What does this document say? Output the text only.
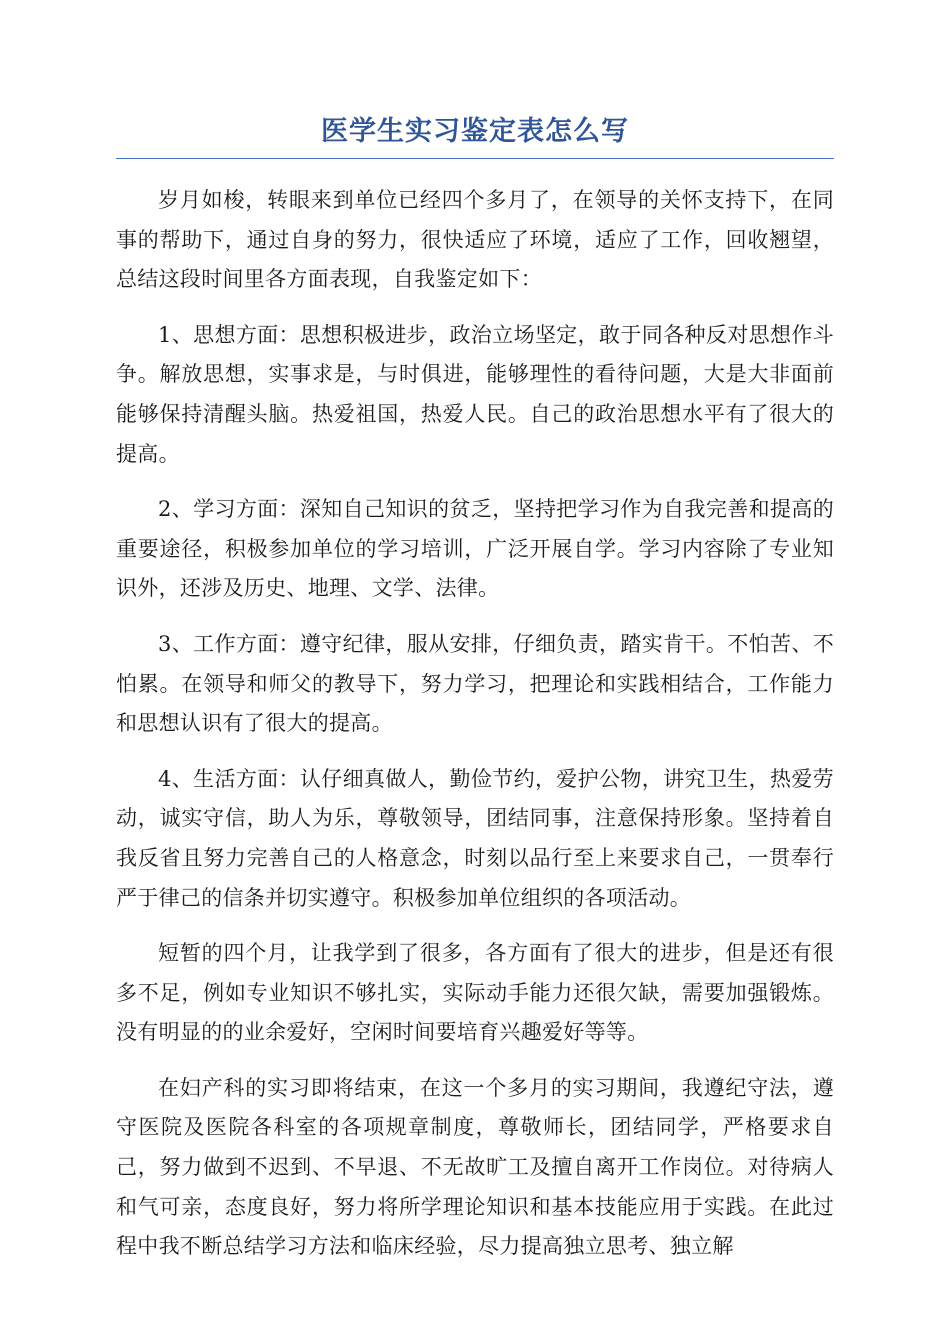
医学生实习鉴定表怎么写

岁月如梭，转眼来到单位已经四个多月了，在领导的关怀支持下，在同事的帮助下，通过自身的努力，很快适应了环境，适应了工作，回收翘望，总结这段时间里各方面表现，自我鉴定如下：

1、思想方面：思想积极进步，政治立场坚定，敢于同各种反对思想作斗争。解放思想，实事求是，与时俱进，能够理性的看待问题，大是大非面前能够保持清醒头脑。热爱祖国，热爱人民。自己的政治思想水平有了很大的提高。

2、学习方面：深知自己知识的贫乏，坚持把学习作为自我完善和提高的重要途径，积极参加单位的学习培训，广泛开展自学。学习内容除了专业知识外，还涉及历史、地理、文学、法律。

3、工作方面：遵守纪律，服从安排，仔细负责，踏实肯干。不怕苦、不怕累。在领导和师父的教导下，努力学习，把理论和实践相结合，工作能力和思想认识有了很大的提高。

4、生活方面：认仔细真做人，勤俭节约，爱护公物，讲究卫生，热爱劳动，诚实守信，助人为乐，尊敬领导，团结同事，注意保持形象。坚持着自我反省且努力完善自己的人格意念，时刻以品行至上来要求自己，一贯奉行严于律己的信条并切实遵守。积极参加单位组织的各项活动。

短暂的四个月，让我学到了很多，各方面有了很大的进步，但是还有很多不足，例如专业知识不够扎实，实际动手能力还很欠缺，需要加强锻炼。没有明显的的业余爱好，空闲时间要培育兴趣爱好等等。

在妇产科的实习即将结束，在这一个多月的实习期间，我遵纪守法，遵守医院及医院各科室的各项规章制度，尊敬师长，团结同学，严格要求自己，努力做到不迟到、不早退、不无故旷工及擅自离开工作岗位。对待病人和气可亲，态度良好，努力将所学理论知识和基本技能应用于实践。在此过程中我不断总结学习方法和临床经验，尽力提高独立思考、独立解
